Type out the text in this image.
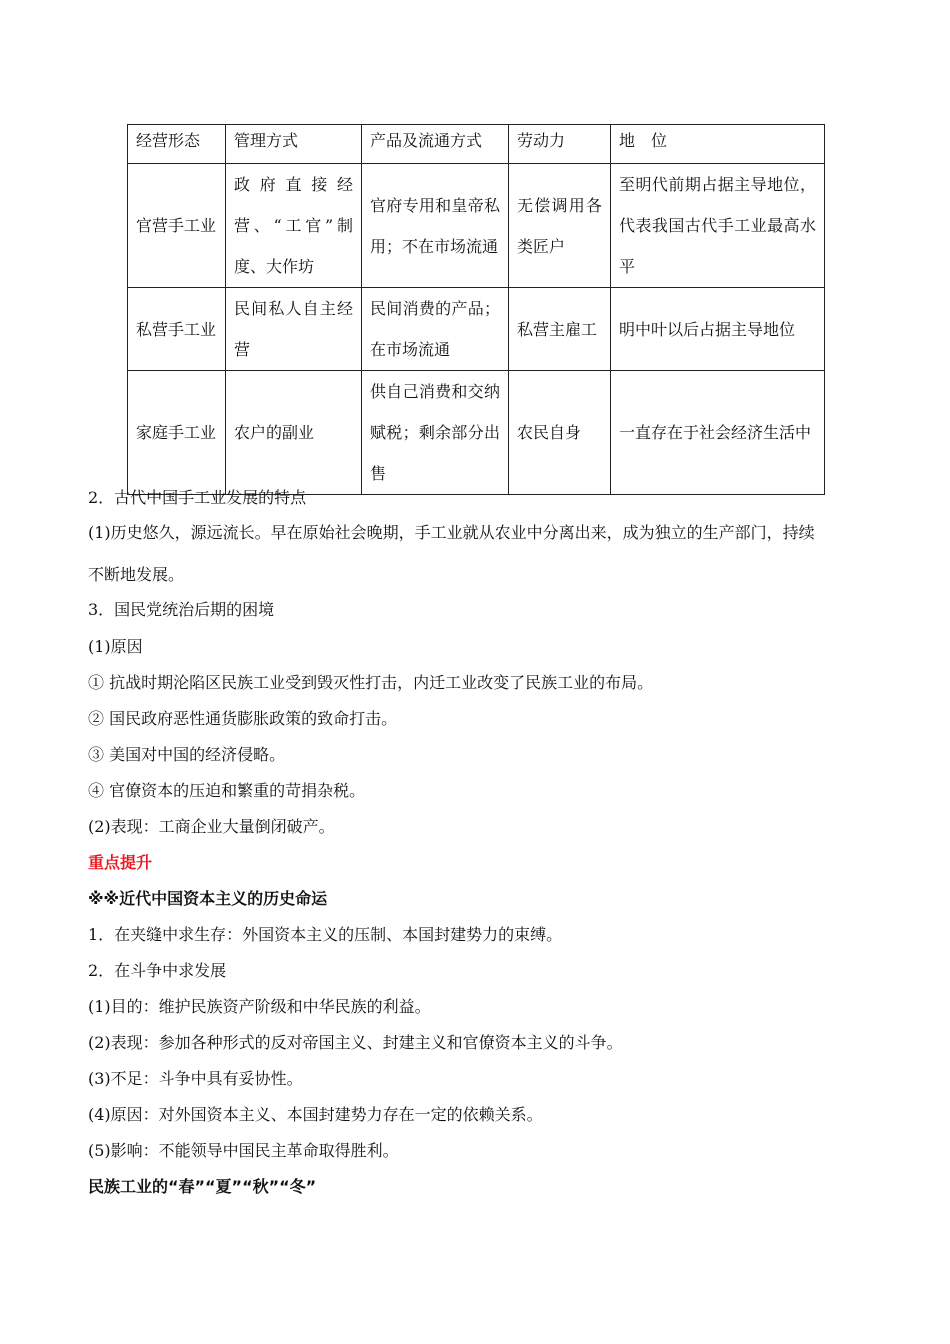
经营形态	管理方式	产品及流通方式	劳动力	地　位
官营手工业	政府直接经营、“工官”制度、大作坊	官府专用和皇帝私用；不在市场流通	无偿调用各类匠户	至明代前期占据主导地位，代表我国古代手工业最高水平
私营手工业	民间私人自主经营	民间消费的产品；在市场流通	私营主雇工	明中叶以后占据主导地位
家庭手工业	农户的副业	供自己消费和交纳赋税；剩余部分出售	农民自身	一直存在于社会经济生活中
2．古代中国手工业发展的特点
(1)历史悠久，源远流长。早在原始社会晚期，手工业就从农业中分离出来，成为独立的生产部门，持续
不断地发展。
3．国民党统治后期的困境
(1)原因
① 抗战时期沦陷区民族工业受到毁灭性打击，内迁工业改变了民族工业的布局。
② 国民政府恶性通货膨胀政策的致命打击。
③ 美国对中国的经济侵略。
④ 官僚资本的压迫和繁重的苛捐杂税。
(2)表现：工商企业大量倒闭破产。
重点提升
※※近代中国资本主义的历史命运
1．在夹缝中求生存：外国资本主义的压制、本国封建势力的束缚。
2．在斗争中求发展
(1)目的：维护民族资产阶级和中华民族的利益。
(2)表现：参加各种形式的反对帝国主义、封建主义和官僚资本主义的斗争。
(3)不足：斗争中具有妥协性。
(4)原因：对外国资本主义、本国封建势力存在一定的依赖关系。
(5)影响：不能领导中国民主革命取得胜利。
民族工业的“春”“夏”“秋”“冬”
